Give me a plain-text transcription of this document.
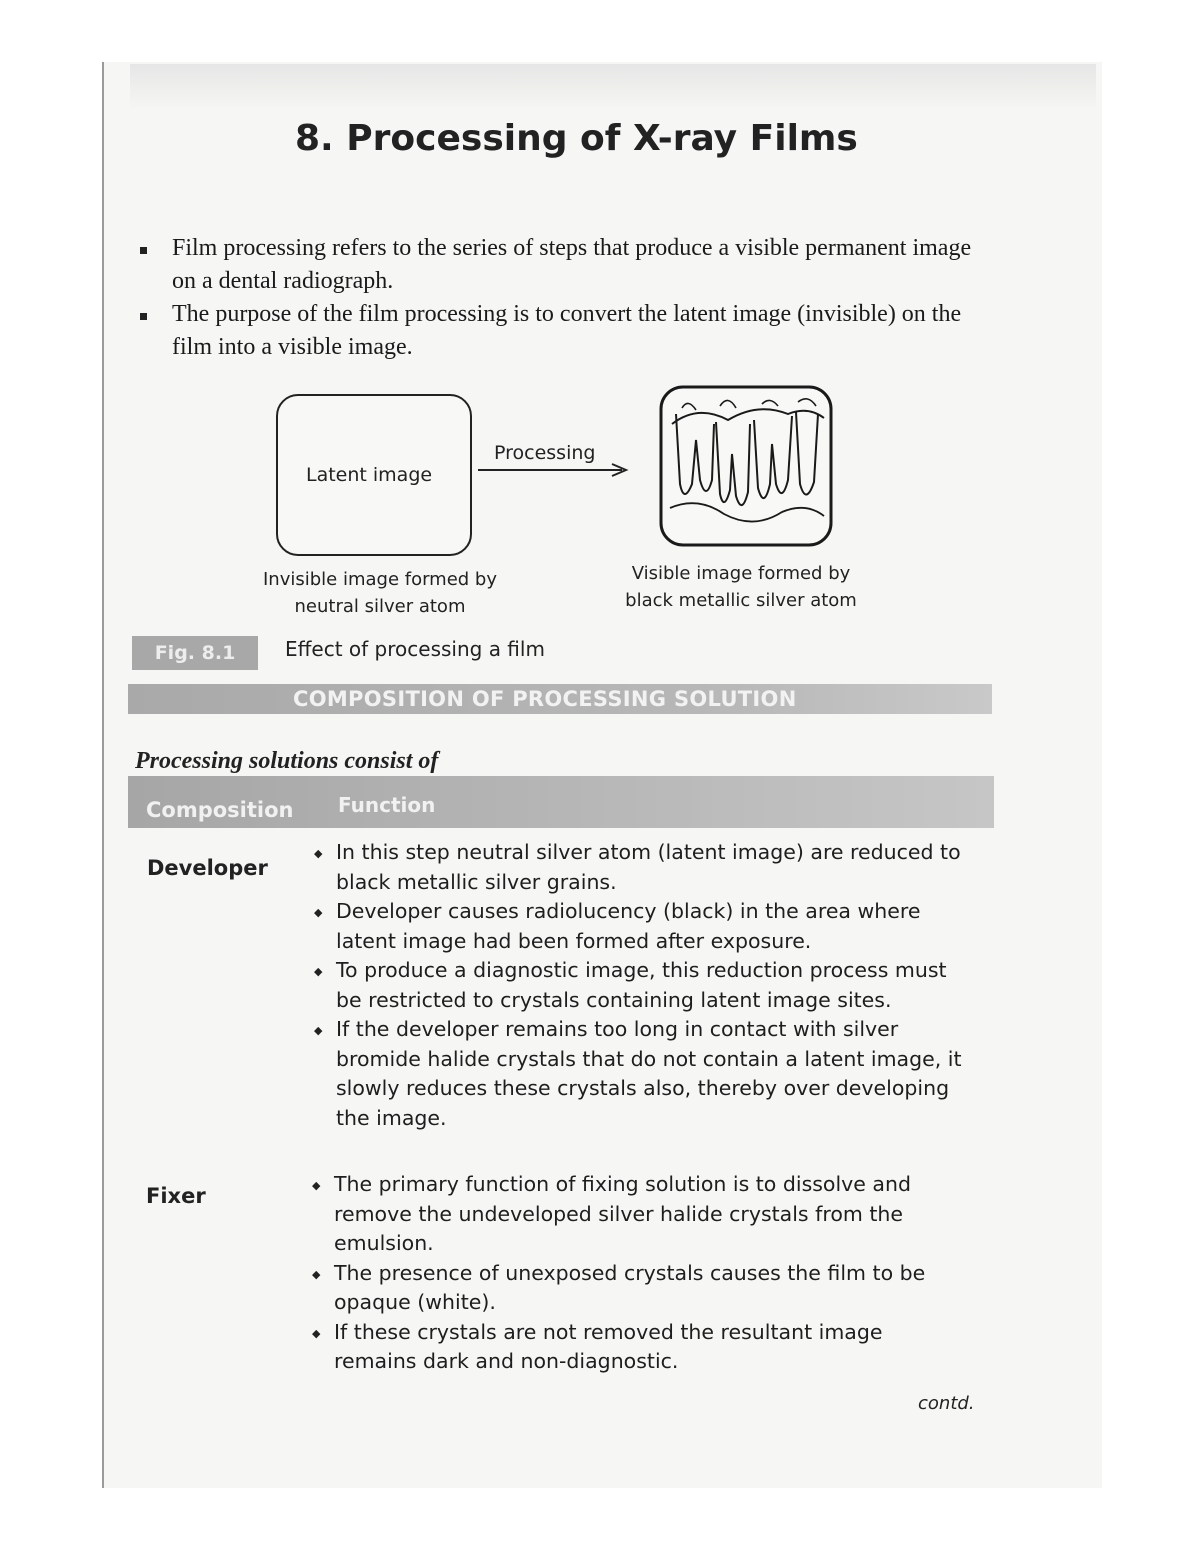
8. Processing of X-ray Films
Film processing refers to the series of steps that produce a visible permanent image on a dental radiograph.
The purpose of the film processing is to convert the latent image (invisible) on the film into a visible image.
Latent image
Processing
Invisible image formed by neutral silver atom
Visible image formed by black metallic silver atom
Fig. 8.1	Effect of processing a film
COMPOSITION OF PROCESSING SOLUTION
Processing solutions consist of
Composition Function
Developer
◆ In this step neutral silver atom (latent image) are reduced to black metallic silver grains.
◆ Developer causes radiolucency (black) in the area where latent image had been formed after exposure.
◆ To produce a diagnostic image, this reduction process must be restricted to crystals containing latent image sites.
◆ If the developer remains too long in contact with silver bromide halide crystals that do not contain a latent image, it slowly reduces these crystals also, thereby over developing the image.
Fixer	◆ The primary function of fixing solution is to dissolve and remove the undeveloped silver halide crystals from the emulsion.
◆ The presence of unexposed crystals causes the film to be opaque (white).
◆ If these crystals are not removed the resultant image remains dark and non-diagnostic.
contd.
